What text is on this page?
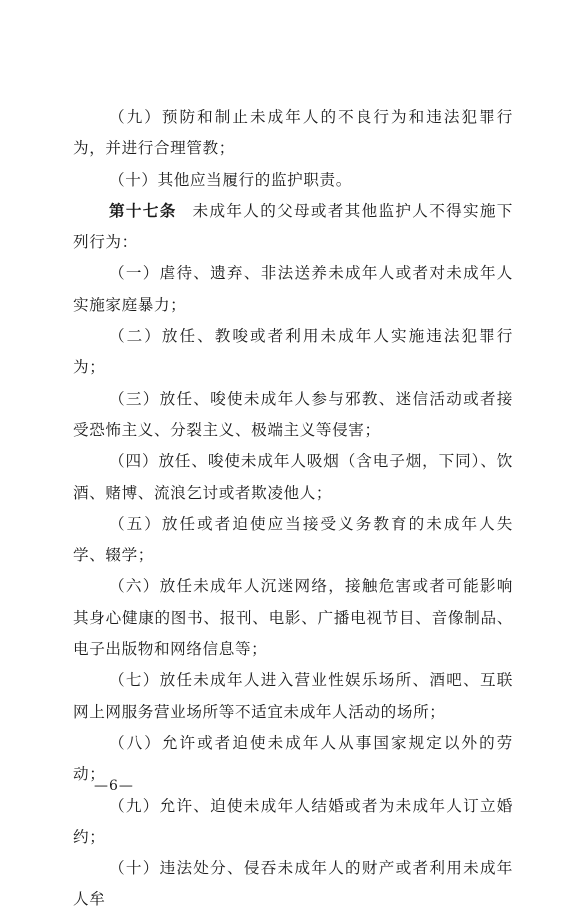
（九）预防和制止未成年人的不良行为和违法犯罪行为，并进行合理管教；

（十）其他应当履行的监护职责。

第十七条 未成年人的父母或者其他监护人不得实施下列行为：

（一）虐待、遗弃、非法送养未成年人或者对未成年人实施家庭暴力；

（二）放任、教唆或者利用未成年人实施违法犯罪行为；

（三）放任、唆使未成年人参与邪教、迷信活动或者接受恐怖主义、分裂主义、极端主义等侵害；

（四）放任、唆使未成年人吸烟（含电子烟，下同）、饮酒、赌博、流浪乞讨或者欺凌他人；

（五）放任或者迫使应当接受义务教育的未成年人失学、辍学；

（六）放任未成年人沉迷网络，接触危害或者可能影响其身心健康的图书、报刊、电影、广播电视节目、音像制品、电子出版物和网络信息等；

（七）放任未成年人进入营业性娱乐场所、酒吧、互联网上网服务营业场所等不适宜未成年人活动的场所；

（八）允许或者迫使未成年人从事国家规定以外的劳动；

（九）允许、迫使未成年人结婚或者为未成年人订立婚约；

（十）违法处分、侵吞未成年人的财产或者利用未成年人牟

—6—
